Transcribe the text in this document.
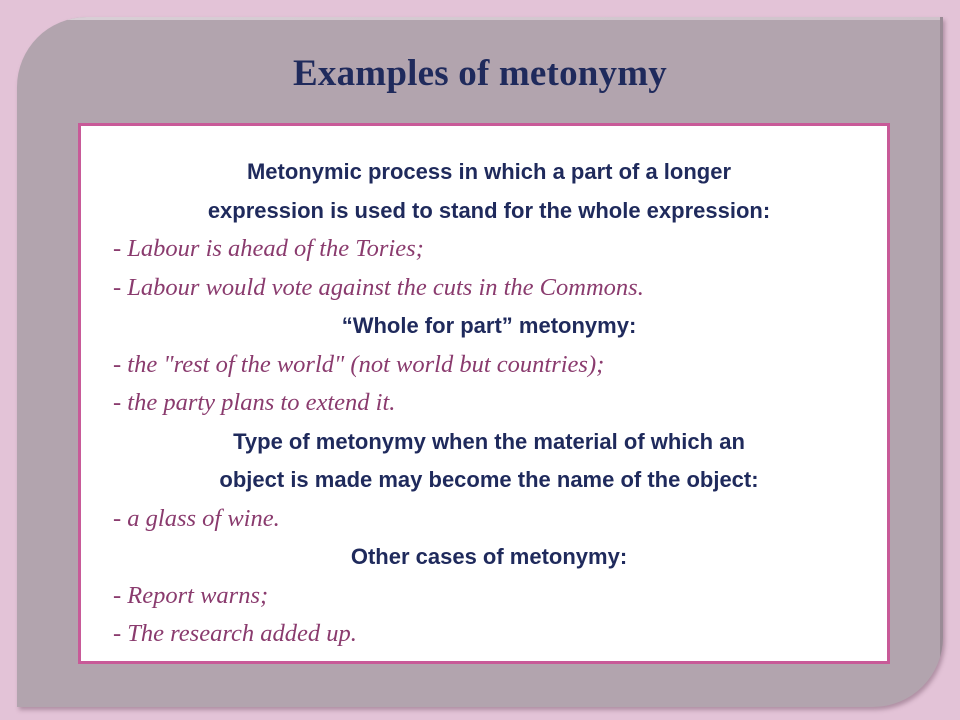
Examples of metonymy
Metonymic process in which a part of a longer
expression is used to stand for the whole expression:
- Labour is ahead of the Tories;
- Labour would vote against the cuts in the Commons.
“Whole for part” metonymy:
- the "rest of the world" (not world but countries);
- the party plans to extend it.
Type of metonymy when the material of which an
object is made may become the name of the object:
- a glass of wine.
Other cases of metonymy:
- Report warns;
- The research added up.
